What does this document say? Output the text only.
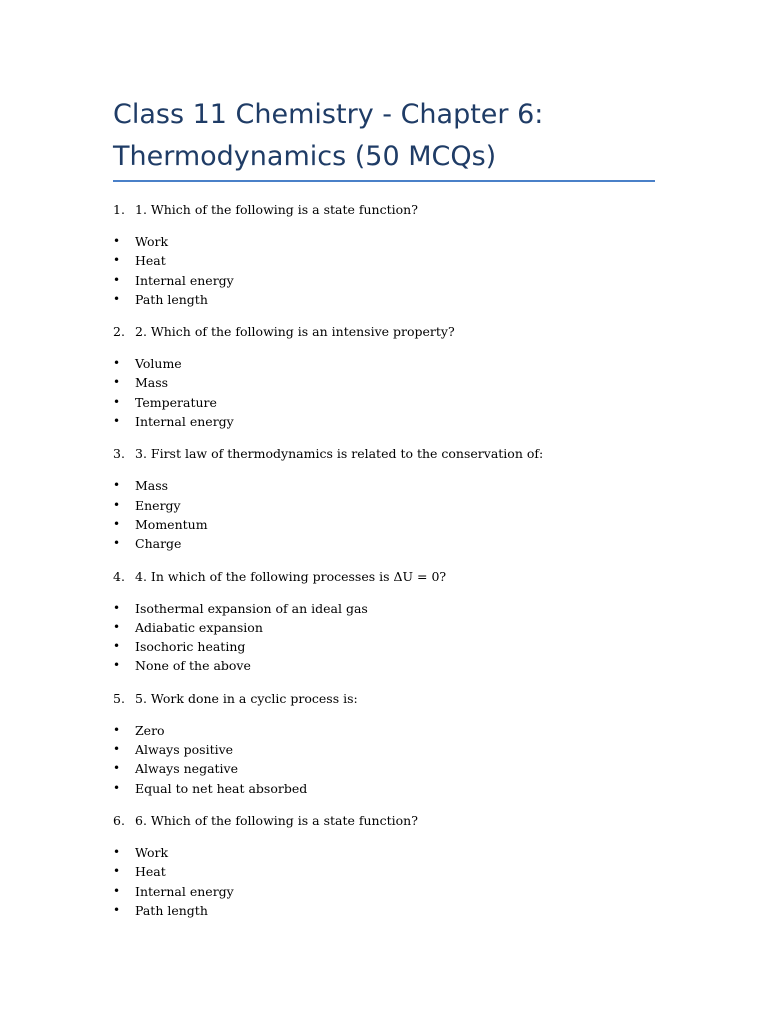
Class 11 Chemistry - Chapter 6: Thermodynamics (50 MCQs)
1. 1. Which of the following is a state function?
• Work
• Heat
• Internal energy
• Path length
2. 2. Which of the following is an intensive property?
• Volume
• Mass
• Temperature
• Internal energy
3. 3. First law of thermodynamics is related to the conservation of:
• Mass
• Energy
• Momentum
• Charge
4. 4. In which of the following processes is ΔU = 0?
• Isothermal expansion of an ideal gas
• Adiabatic expansion
• Isochoric heating
• None of the above
5. 5. Work done in a cyclic process is:
• Zero
• Always positive
• Always negative
• Equal to net heat absorbed
6. 6. Which of the following is a state function?
• Work
• Heat
• Internal energy
• Path length
